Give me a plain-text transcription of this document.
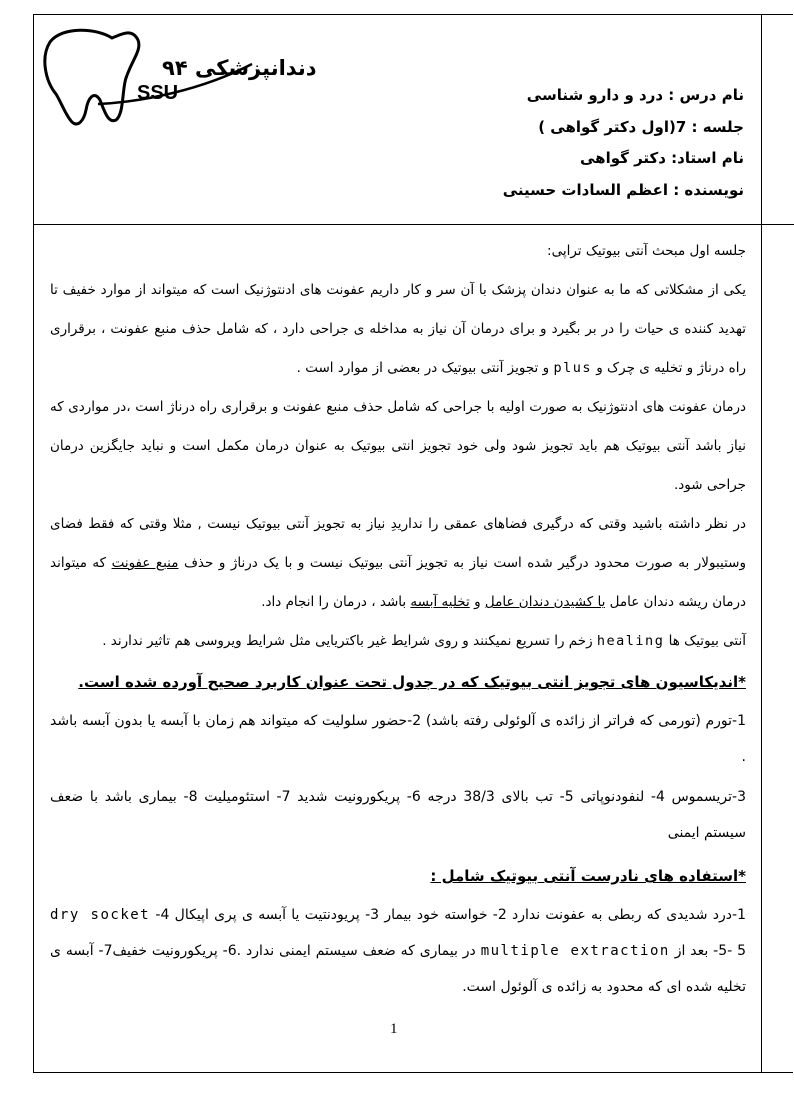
دندانپزشکی ۹۴
SSU	نام درس : درد و دارو شناسی
جلسه : 7(اول دکتر گواهی )
نام استاد: دکتر گواهی
نویسنده : اعظم السادات حسینی

جلسه اول مبحث آنتی بیوتیک تراپی:

یکی از مشکلاتی که ما به عنوان دندان پزشک با آن سر و کار داریم عفونت های ادنتوژنیک است که میتواند از موارد خفیف تا تهدید کننده ی حیات را در بر بگیرد و برای درمان آن نیاز به مداخله ی جراحی دارد ، که شامل حذف منبع عفونت ، برقراری راه درناژ و تخلیه ی چرک و plus و تجویز آنتی بیوتیک در بعضی از موارد است .

درمان عفونت های ادنتوژنیک به صورت اولیه با جراحی که شامل حذف منبع عفونت و برقراری راه درناژ است ،در مواردی که نیاز باشد آنتی بیوتیک هم باید تجویز شود ولی خود تجویز انتی بیوتیک به عنوان درمان مکمل است و نباید جایگزین درمان جراحی شود.

در نظر داشته باشید وقتی که درگیری فضاهای عمقی را نداریدِ نیاز به تجویز آنتی بیوتیک نیست , مثلا وقتی که فقط فضای وستیبولار به صورت محدود درگیر شده است نیاز به تجویز آنتی بیوتیک نیست و با یک درناژ و حذف منبع عفونت که میتواند درمان ریشه دندان عامل یا کشیدن دندان عامل و تخلیه آبسه باشد ، درمان را انجام داد.

آنتی بیوتیک ها healing زخم را تسریع نمیکنند و روی شرایط غیر باکتریایی مثل شرایط ویروسی هم تاثیر ندارند .

*اندیکاسیون های تجویز انتی بیوتیک که در جدول تحت عنوان کاربرد صحیح آورده شده است.

1-تورم (تورمی که فراتر از زائده ی آلوئولی رفته باشد) 2-حضور سلولیت که میتواند هم زمان با آبسه یا بدون آبسه باشد .

3-تریسموس 4- لنفودنوپاتی 5- تب بالای 38/3 درجه 6- پریکورونیت شدید 7- استئومیلیت 8- بیماری باشد با ضعف سیستم ایمنی

*استفاده های نادرست آنتی بیوتیک شامل :

1-درد شدیدی که ربطی به عفونت ندارد 2- خواسته خود بیمار 3- پریودنتیت یا آبسه ی پری اپیکال 4- dry socket 5- 5- بعد از multiple extraction در بیماری که ضعف سیستم ایمنی ندارد .6- پریکورونیت خفیف7- آبسه ی تخلیه شده ای که محدود به زائده ی آلوئول است.

1
